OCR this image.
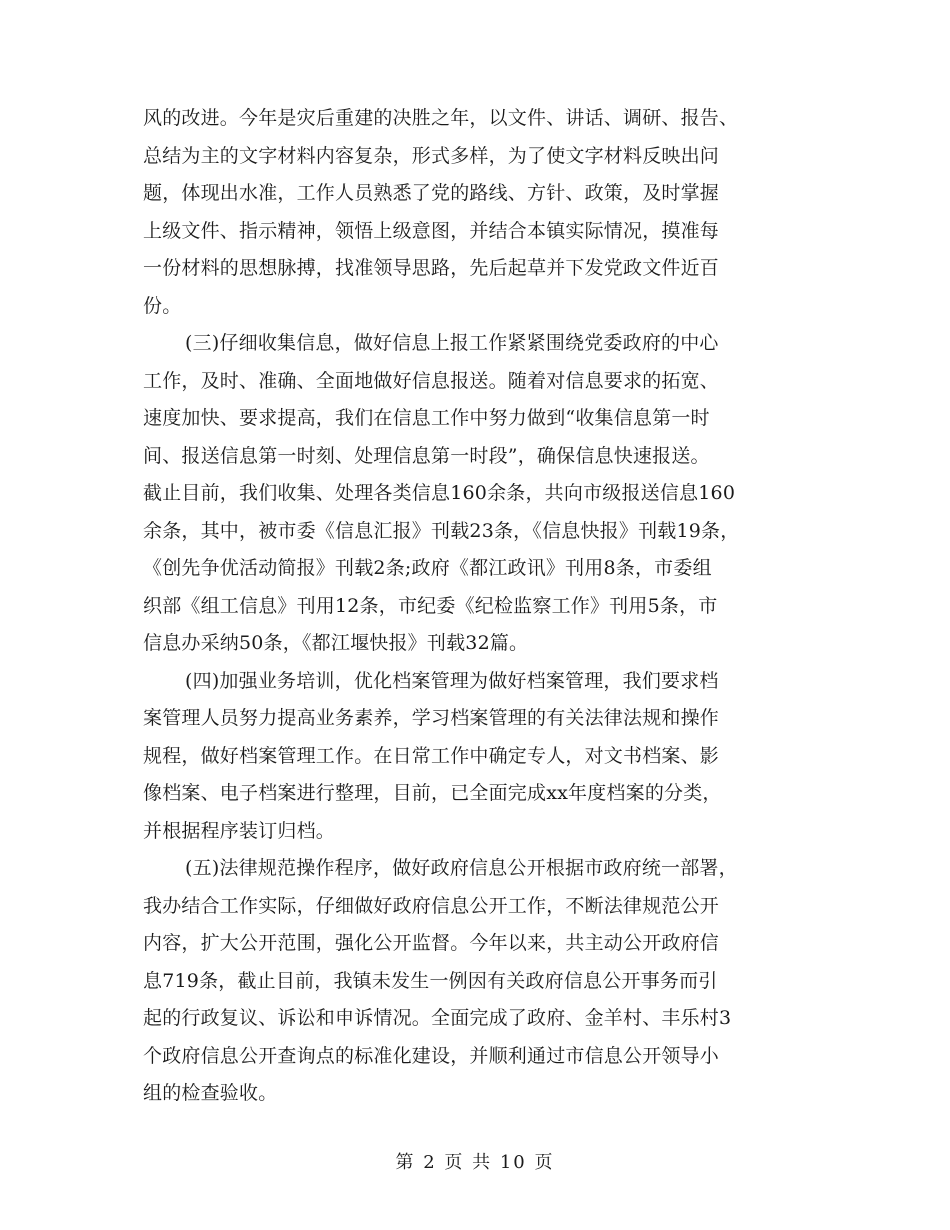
风的改进。今年是灾后重建的决胜之年，以文件、讲话、调研、报告、
总结为主的文字材料内容复杂，形式多样，为了使文字材料反映出问
题，体现出水准，工作人员熟悉了党的路线、方针、政策，及时掌握
上级文件、指示精神，领悟上级意图，并结合本镇实际情况，摸准每
一份材料的思想脉搏，找准领导思路，先后起草并下发党政文件近百
份。
(三)仔细收集信息，做好信息上报工作紧紧围绕党委政府的中心
工作，及时、准确、全面地做好信息报送。随着对信息要求的拓宽、
速度加快、要求提高，我们在信息工作中努力做到“收集信息第一时
间、报送信息第一时刻、处理信息第一时段”，确保信息快速报送。
截止目前，我们收集、处理各类信息160余条，共向市级报送信息160
余条，其中，被市委《信息汇报》刊载23条，《信息快报》刊载19条，
《创先争优活动简报》刊载2条;政府《都江政讯》刊用8条，市委组
织部《组工信息》刊用12条，市纪委《纪检监察工作》刊用5条，市
信息办采纳50条，《都江堰快报》刊载32篇。
(四)加强业务培训，优化档案管理为做好档案管理，我们要求档
案管理人员努力提高业务素养，学习档案管理的有关法律法规和操作
规程，做好档案管理工作。在日常工作中确定专人，对文书档案、影
像档案、电子档案进行整理，目前，已全面完成xx年度档案的分类，
并根据程序装订归档。
(五)法律规范操作程序，做好政府信息公开根据市政府统一部署，
我办结合工作实际，仔细做好政府信息公开工作，不断法律规范公开
内容，扩大公开范围，强化公开监督。今年以来，共主动公开政府信
息719条，截止目前，我镇未发生一例因有关政府信息公开事务而引
起的行政复议、诉讼和申诉情况。全面完成了政府、金羊村、丰乐村3
个政府信息公开查询点的标准化建设，并顺利通过市信息公开领导小
组的检查验收。
第 2 页 共 10 页
